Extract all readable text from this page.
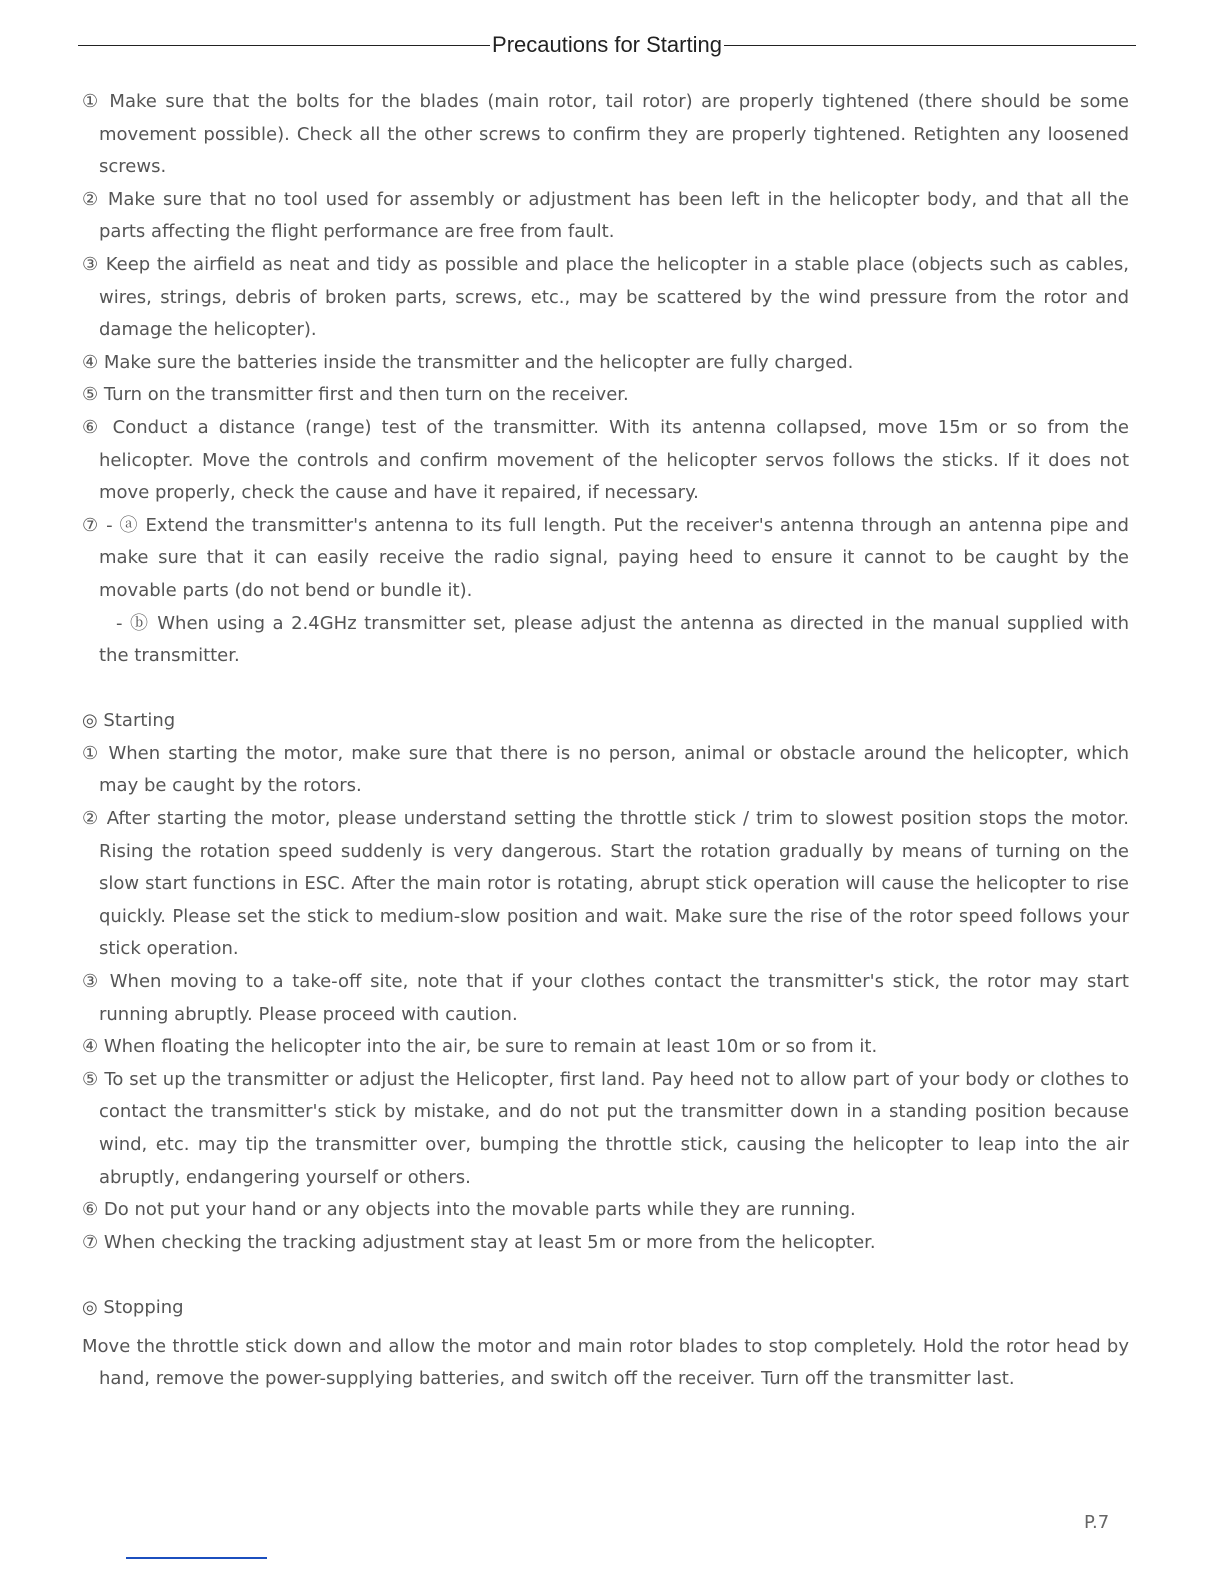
Precautions for Starting
① Make sure that the bolts for the blades (main rotor, tail rotor) are properly tightened (there should be some movement possible). Check all the other screws to confirm they are properly tightened. Retighten any loosened screws.
② Make sure that no tool used for assembly or adjustment has been left in the helicopter body, and that all the parts affecting the flight performance are free from fault.
③ Keep the airfield as neat and tidy as possible and place the helicopter in a stable place (objects such as cables, wires, strings, debris of broken parts, screws, etc., may be scattered by the wind pressure from the rotor and damage the helicopter).
④ Make sure the batteries inside the transmitter and the helicopter are fully charged.
⑤ Turn on the transmitter first and then turn on the receiver.
⑥ Conduct a distance (range) test of the transmitter. With its antenna collapsed, move 15m or so from the helicopter. Move the controls and confirm movement of the helicopter servos follows the sticks. If it does not move properly, check the cause and have it repaired, if necessary.
⑦ - ⓐ Extend the transmitter's antenna to its full length. Put the receiver's antenna through an antenna pipe and make sure that it can easily receive the radio signal, paying heed to ensure it cannot to be caught by the movable parts (do not bend or bundle it).
- ⓑ When using a 2.4GHz transmitter set, please adjust the antenna as directed in the manual supplied with the transmitter.
◎ Starting
① When starting the motor, make sure that there is no person, animal or obstacle around the helicopter, which may be caught by the rotors.
② After starting the motor, please understand setting the throttle stick / trim to slowest position stops the motor. Rising the rotation speed suddenly is very dangerous. Start the rotation gradually by means of turning on the slow start functions in ESC. After the main rotor is rotating, abrupt stick operation will cause the helicopter to rise quickly. Please set the stick to medium-slow position and wait. Make sure the rise of the rotor speed follows your stick operation.
③ When moving to a take-off site, note that if your clothes contact the transmitter's stick, the rotor may start running abruptly. Please proceed with caution.
④ When floating the helicopter into the air, be sure to remain at least 10m or so from it.
⑤ To set up the transmitter or adjust the Helicopter, first land. Pay heed not to allow part of your body or clothes to contact the transmitter's stick by mistake, and do not put the transmitter down in a standing position because wind, etc. may tip the transmitter over, bumping the throttle stick, causing the helicopter to leap into the air abruptly, endangering yourself or others.
⑥ Do not put your hand or any objects into the movable parts while they are running.
⑦ When checking the tracking adjustment stay at least 5m or more from the helicopter.
◎ Stopping
Move the throttle stick down and allow the motor and main rotor blades to stop completely. Hold the rotor head by hand, remove the power-supplying batteries, and switch off the receiver. Turn off the transmitter last.
P.7
